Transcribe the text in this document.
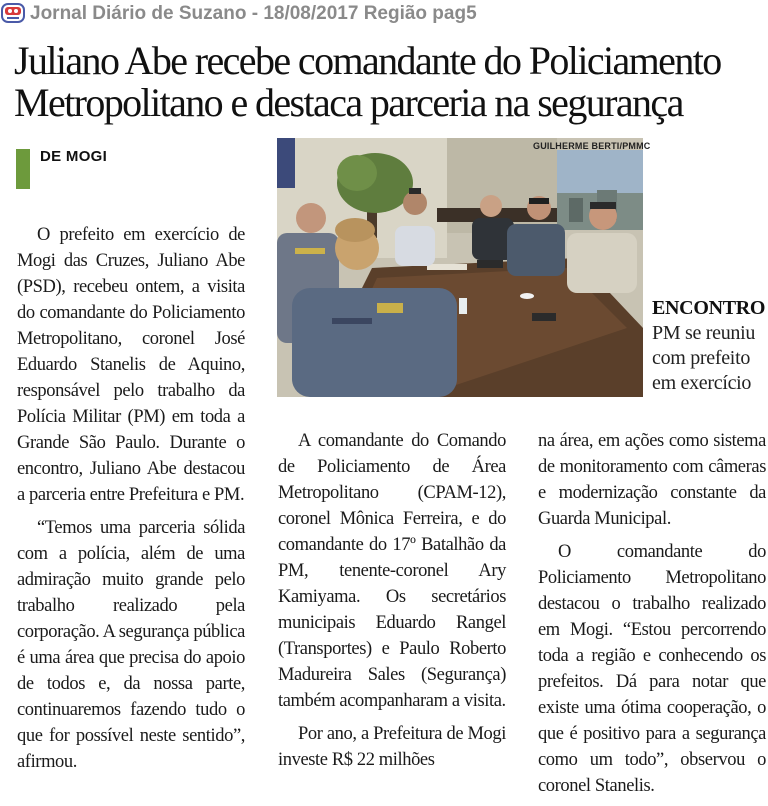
Jornal Diário de Suzano - 18/08/2017 Região pag5
Juliano Abe recebe comandante do Policiamento
Metropolitano e destaca parceria na segurança
DE MOGI

O prefeito em exercício de Mogi das Cruzes, Juliano Abe (PSD), recebeu ontem, a visita do comandante do Policiamento Metropolitano, coronel José Eduardo Stanelis de Aquino, responsável pelo trabalho da Polícia Militar (PM) em toda a Grande São Paulo. Durante o encontro, Juliano Abe destacou a parceria entre Prefeitura e PM.

“Temos uma parceria sólida com a polícia, além de uma admiração muito grande pelo trabalho realizado pela corporação. A segurança pública é uma área que precisa do apoio de todos e, da nossa parte, continuaremos fazendo tudo o que for possível neste sentido”, afirmou.

GUILHERME BERTI/PMMC
ENCONTRO
PM se reuniu
com prefeito
em exercício

A comandante do Comando de Policiamento de Área Metropolitano (CPAM-12), coronel Mônica Ferreira, e do comandante do 17º Batalhão da PM, tenente-coronel Ary Kamiyama. Os secretários municipais Eduardo Rangel (Transportes) e Paulo Roberto Madureira Sales (Segurança) também acompanharam a visita.

Por ano, a Prefeitura de Mogi investe R$ 22 milhões

na área, em ações como sistema de monitoramento com câmeras e modernização constante da Guarda Municipal.

O comandante do Policiamento Metropolitano destacou o trabalho realizado em Mogi. “Estou percorrendo toda a região e conhecendo os prefeitos. Dá para notar que existe uma ótima cooperação, o que é positivo para a segurança como um todo”, observou o coronel Stanelis.
